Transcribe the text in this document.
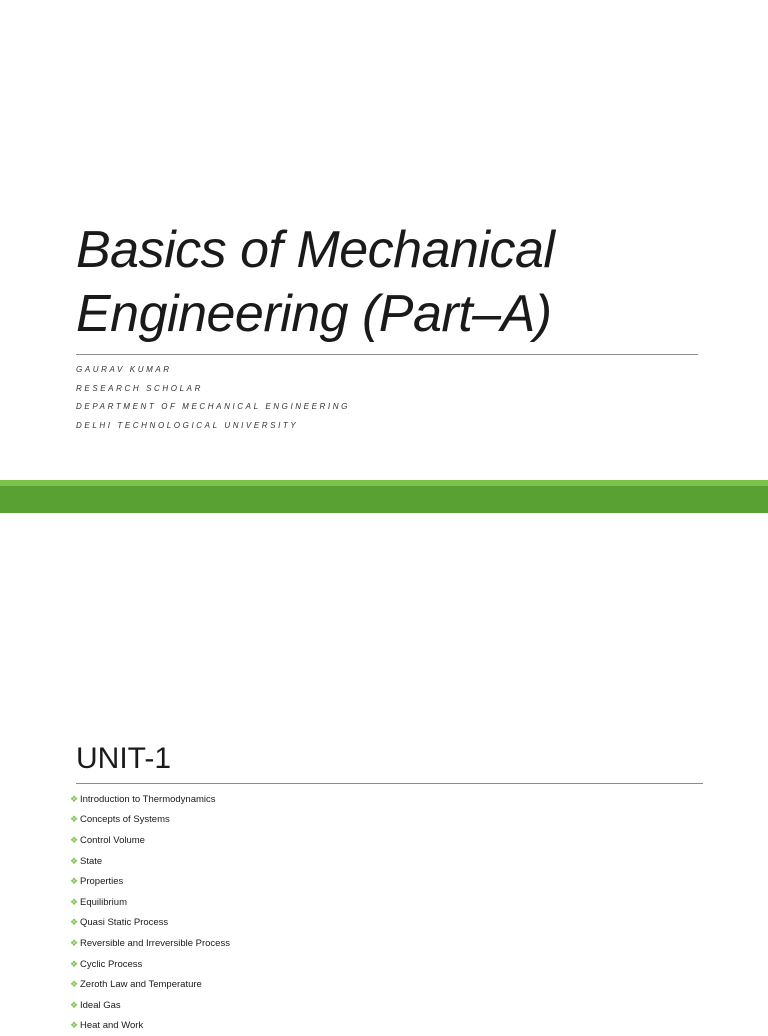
Basics of Mechanical
Engineering (Part–A)
GAURAV KUMAR
RESEARCH SCHOLAR
DEPARTMENT OF MECHANICAL ENGINEERING
DELHI TECHNOLOGICAL UNIVERSITY
UNIT-1
❖ Introduction to Thermodynamics
❖ Concepts of Systems
❖ Control Volume
❖ State
❖ Properties
❖ Equilibrium
❖ Quasi Static Process
❖ Reversible and Irreversible Process
❖ Cyclic Process
❖ Zeroth Law and Temperature
❖ Ideal Gas
❖ Heat and Work
